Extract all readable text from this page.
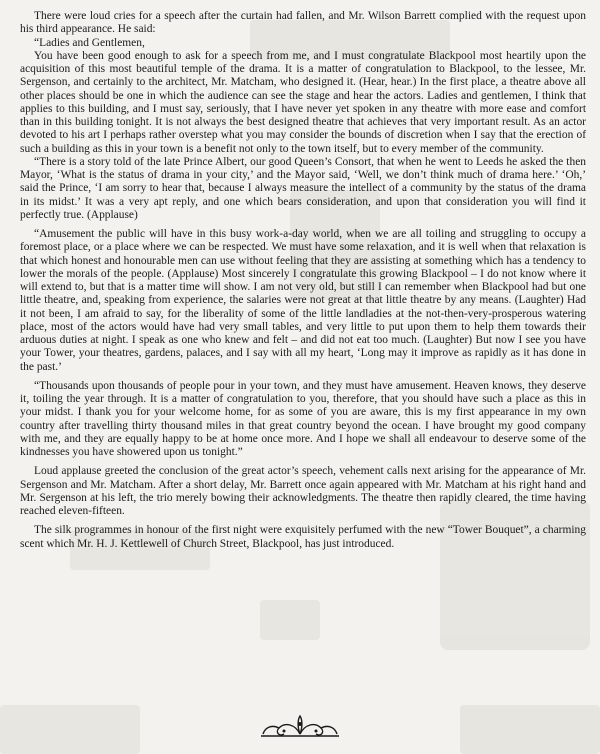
There were loud cries for a speech after the curtain had fallen, and Mr. Wilson Barrett complied with the request upon his third appearance. He said:

“Ladies and Gentlemen,

You have been good enough to ask for a speech from me, and I must congratulate Blackpool most heartily upon the acquisition of this most beautiful temple of the drama. It is a matter of congratulation to Blackpool, to the lessee, Mr. Sergenson, and certainly to the architect, Mr. Matcham, who designed it. (Hear, hear.) In the first place, a theatre above all other places should be one in which the audience can see the stage and hear the actors. Ladies and gentlemen, I think that applies to this building, and I must say, seriously, that I have never yet spoken in any theatre with more ease and comfort than in this building tonight. It is not always the best designed theatre that achieves that very important result. As an actor devoted to his art I perhaps rather overstep what you may consider the bounds of discretion when I say that the erection of such a building as this in your town is a benefit not only to the town itself, but to every member of the community.

“There is a story told of the late Prince Albert, our good Queen’s Consort, that when he went to Leeds he asked the then Mayor, ‘What is the status of drama in your city,’ and the Mayor said, ‘Well, we don’t think much of drama here.’ ‘Oh,’ said the Prince, ‘I am sorry to hear that, because I always measure the intellect of a community by the status of the drama in its midst.’ It was a very apt reply, and one which bears consideration, and upon that consideration you will find it perfectly true. (Applause)

“Amusement the public will have in this busy work-a-day world, when we are all toiling and struggling to occupy a foremost place, or a place where we can be respected. We must have some relaxation, and it is well when that relaxation is that which honest and honourable men can use without feeling that they are assisting at something which has a tendency to lower the morals of the people. (Applause) Most sincerely I congratulate this growing Blackpool – I do not know where it will extend to, but that is a matter time will show. I am not very old, but still I can remember when Blackpool had but one little theatre, and, speaking from experience, the salaries were not great at that little theatre by any means. (Laughter) Had it not been, I am afraid to say, for the liberality of some of the little landladies at the not-then-very-prosperous watering place, most of the actors would have had very small tables, and very little to put upon them to help them towards their arduous duties at night. I speak as one who knew and felt – and did not eat too much. (Laughter) But now I see you have your Tower, your theatres, gardens, palaces, and I say with all my heart, ‘Long may it improve as rapidly as it has done in the past.’

“Thousands upon thousands of people pour in your town, and they must have amusement. Heaven knows, they deserve it, toiling the year through. It is a matter of congratulation to you, therefore, that you should have such a place as this in your midst. I thank you for your welcome home, for as some of you are aware, this is my first appearance in my own country after travelling thirty thousand miles in that great country beyond the ocean. I have brought my good company with me, and they are equally happy to be at home once more. And I hope we shall all endeavour to deserve some of the kindnesses you have showered upon us tonight.”

Loud applause greeted the conclusion of the great actor’s speech, vehement calls next arising for the appearance of Mr. Sergenson and Mr. Matcham. After a short delay, Mr. Barrett once again appeared with Mr. Matcham at his right hand and Mr. Sergenson at his left, the trio merely bowing their acknowledgments. The theatre then rapidly cleared, the time having reached eleven-fifteen.

The silk programmes in honour of the first night were exquisitely perfumed with the new “Tower Bouquet”, a charming scent which Mr. H. J. Kettlewell of Church Street, Blackpool, has just introduced.
